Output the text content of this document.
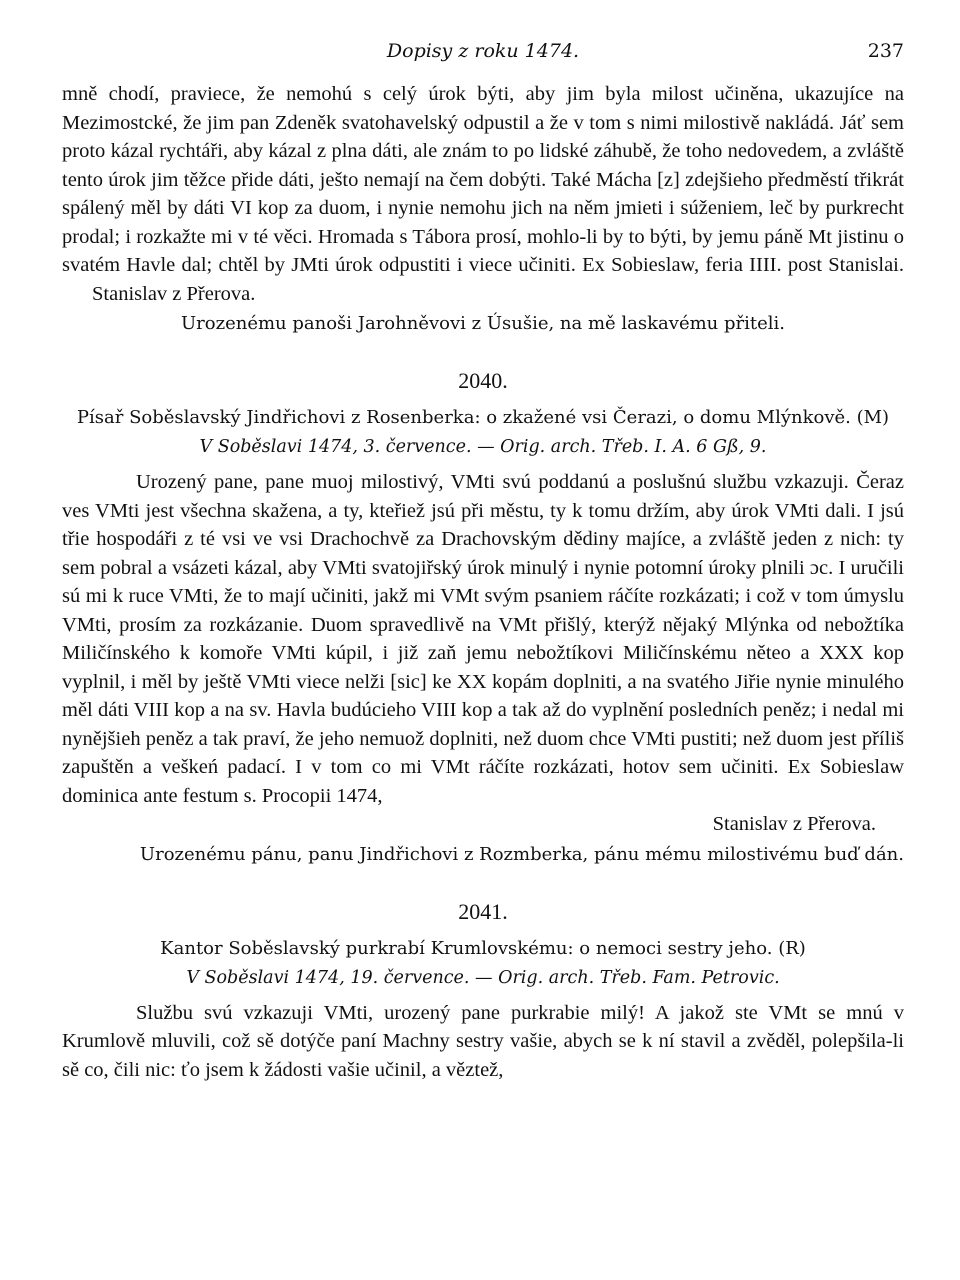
Dopisy z roku 1474.	237

mně chodí, praviece, že nemohú s celý úrok býti, aby jim byla milost učiněna, ukazujíce na Mezimostcké, že jim pan Zdeněk svatohavelský odpustil a že v tom s nimi milostivě nakládá. Jáť sem proto kázal rychtáři, aby kázal z plna dáti, ale znám to po lidské záhubě, že toho nedovedem, a zvláště tento úrok jim těžce přide dáti, ješto nemají na čem dobýti. Také Mácha [z] zdejšieho předměstí třikrát spálený měl by dáti VI kop za duom, i nynie nemohu jich na něm jmieti i súženiem, leč by purkrecht prodal; i rozkažte mi v té věci. Hromada s Tábora prosí, mohlo-li by to býti, by jemu páně Mt jistinu o svatém Havle dal; chtěl by JMti úrok odpustiti i viece učiniti. Ex Sobieslaw, feria IIII. post Stanislai.Stanislav z Přerova.

Urozenému panoši Jarohněvovi z Úsušie, na mě laskavému přiteli.

2040.

Písař Soběslavský Jindřichovi z Rosenberka: o zkažené vsi Čerazi, o domu Mlýnkově. (M)

V Soběslavi 1474, 3. července. — Orig. arch. Třeb. I. A. 6 Gß, 9.

Urozený pane, pane muoj milostivý, VMti svú poddanú a poslušnú službu vzkazuji. Čeraz ves VMti jest všechna skažena, a ty, kteřiež jsú při městu, ty k tomu držím, aby úrok VMti dali. I jsú třie hospodáři z té vsi ve vsi Drachochvě za Drachovským dědiny majíce, a zvláště jeden z nich: ty sem pobral a vsázeti kázal, aby VMti svatojiřský úrok minulý i nynie potomní úroky plnili ɔc. I uručili sú mi k ruce VMti, že to mají učiniti, jakž mi VMt svým psaniem ráčíte rozkázati; i což v tom úmyslu VMti, prosím za rozkázanie. Duom spravedlivě na VMt přišlý, kterýž nějaký Mlýnka od nebožtíka Miličínského k komoře VMti kúpil, i již zaň jemu nebožtíkovi Miličínskému něteo a XXX kop vyplnil, i měl by ještě VMti viece nelži [sic] ke XX kopám doplniti, a na svatého Jiřie nynie minulého měl dáti VIII kop a na sv. Havla budúcieho VIII kop a tak až do vyplnění posledních peněz; i nedal mi nynějšieh peněz a tak praví, že jeho nemuož doplniti, než duom chce VMti pustiti; než duom jest příliš zapuštěn a veškeń padací. I v tom co mi VMt ráčíte rozkázati, hotov sem učiniti. Ex Sobieslaw dominica ante festum s. Procopii 1474,

Stanislav z Přerova.

Urozenému pánu, panu Jindřichovi z Rozmberka, pánu mému milostivému buď dán.

2041.

Kantor Soběslavský purkrabí Krumlovskému: o nemoci sestry jeho. (R)

V Soběslavi 1474, 19. července. — Orig. arch. Třeb. Fam. Petrovic.

Službu svú vzkazuji VMti, urozený pane purkrabie milý! A jakož ste VMt se mnú v Krumlově mluvili, což sě dotýče paní Machny sestry vašie, abych se k ní stavil a zvěděl, polepšila-li sě co, čili nic: ťo jsem k žádosti vašie učinil, a věztež,
